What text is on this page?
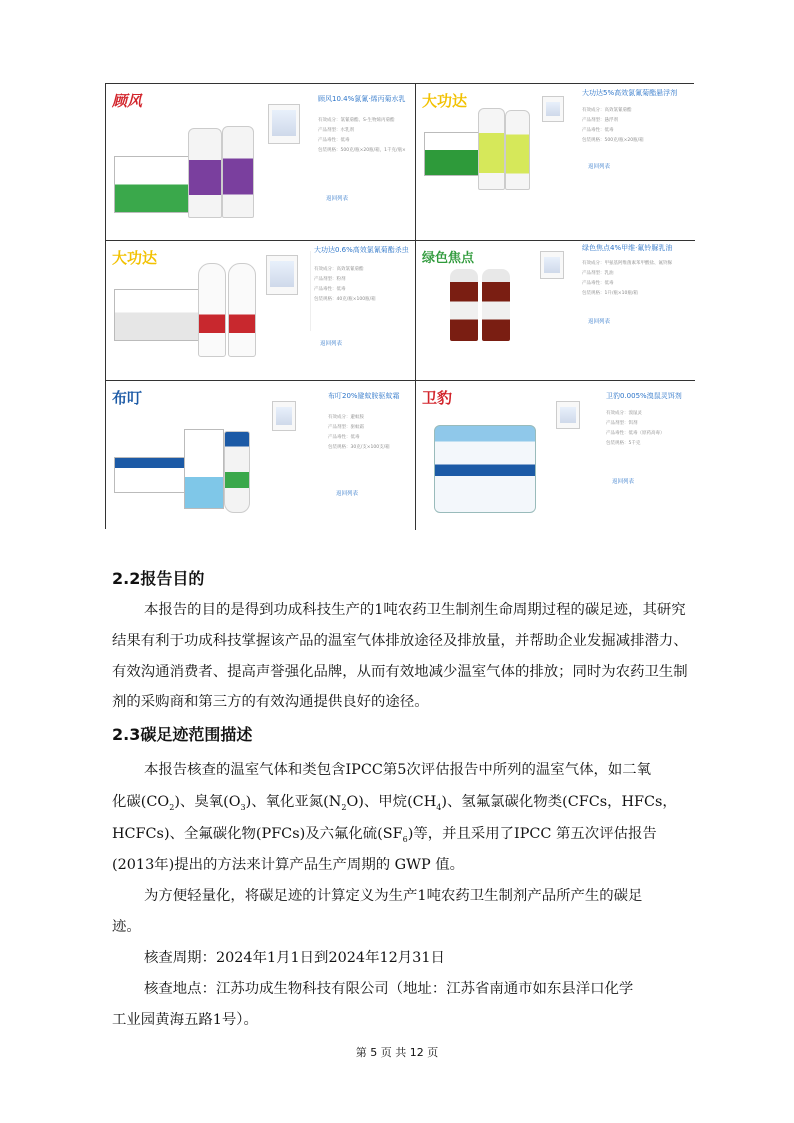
顾风	顾风10.4%氯氰·烯丙菊水乳
有效成分：氯氰菊酯、S-生物烯丙菊酯
产品剂型：水乳剂
产品毒性：低毒
包装规格：500克/瓶×20瓶/箱，1千克/瓶×
返回列表
大功达	大功达5%高效氯氰菊酯悬浮剂
有效成分：高效氯氰菊酯
产品剂型：悬浮剂
产品毒性：低毒
包装规格：500克/瓶×20瓶/箱
返回列表
大功达	大功达0.6%高效氯氰菊酯杀虫
有效成分：高效氯氰菊酯
产品剂型：粉剂
产品毒性：低毒
包装规格：40克/瓶×100瓶/箱
返回列表
绿色焦点
绿色焦点4%甲维·氟铃脲乳油
有效成分：甲氨基阿维菌素苯甲酸盐、氟铃脲
产品剂型：乳油
产品毒性：低毒
包装规格：1升/瓶×10瓶/箱
返回列表
布叮	布叮20%避蚊胺驱蚊霜
有效成分：避蚊胺
产品剂型：驱蚊霜
产品毒性：低毒
包装规格：30克/支×100支/箱
返回列表
卫豹	卫豹0.005%溴鼠灵饵剂
有效成分：溴鼠灵
产品剂型：饵剂
产品毒性：低毒（原药高毒）
包装规格：5千克
返回列表
2.2报告目的

本报告的目的是得到功成科技生产的1吨农药卫生制剂生命周期过程的碳足迹，其研究结果有利于功成科技掌握该产品的温室气体排放途径及排放量，并帮助企业发掘减排潜力、有效沟通消费者、提高声誉强化品牌，从而有效地减少温室气体的排放；同时为农药卫生制剂的采购商和第三方的有效沟通提供良好的途径。

2.3碳足迹范围描述
本报告核查的温室气体和类包含IPCC第5次评估报告中所列的温室气体，如二氧
化碳$(CO_2)$、臭氧$(O_3)$、氧化亚氮$(N_2O)$、甲烷$(CH_4)$、氢氟氯碳化物类(CFCs，HFCs，
HCFCs)、全氟碳化物(PFCs)及六氟化硫$(SF_6)$等，并且采用了IPCC 第五次评估报告
(2013年)提出的方法来计算产品生产周期的 GWP 值。
为方便轻量化，将碳足迹的计算定义为生产1吨农药卫生制剂产品所产生的碳足
迹。
核查周期：2024年1月1日到2024年12月31日
核查地点：江苏功成生物科技有限公司（地址：江苏省南通市如东县洋口化学
工业园黄海五路1号）。
第 5 页 共 12 页
